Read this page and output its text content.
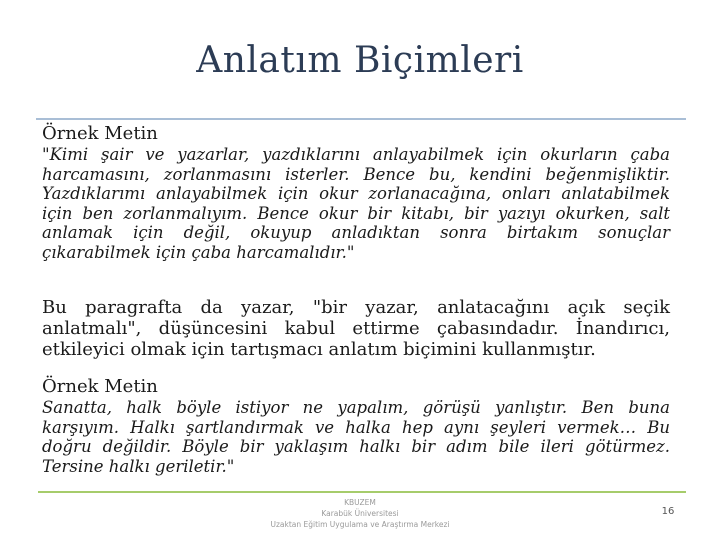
Anlatım Biçimleri
Örnek Metin
"Kimi şair ve yazarlar, yazdıklarını anlayabilmek için okurların çaba harcamasını, zorlanmasını isterler. Bence bu, kendini beğenmişliktir. Yazdıklarımı anlayabilmek için okur zorlanacağına, onları anlatabilmek için ben zorlanmalıyım. Bence okur bir kitabı, bir yazıyı okurken, salt anlamak için değil, okuyup anladıktan sonra birtakım sonuçlar çıkarabilmek için çaba harcamalıdır."
Bu paragrafta da yazar, "bir yazar, anlatacağını açık seçik anlatmalı", düşüncesini kabul ettirme çabasındadır. İnandırıcı, etkileyici olmak için tartışmacı anlatım biçimini kullanmıştır.
Örnek Metin
Sanatta, halk böyle istiyor ne yapalım, görüşü yanlıştır. Ben buna karşıyım. Halkı şartlandırmak ve halka hep aynı şeyleri vermek… Bu doğru değildir. Böyle bir yaklaşım halkı bir adım bile ileri götürmez. Tersine halkı geriletir."
KBUZEM
Karabük Üniversitesi
Uzaktan Eğitim Uygulama ve Araştırma Merkezi
16
